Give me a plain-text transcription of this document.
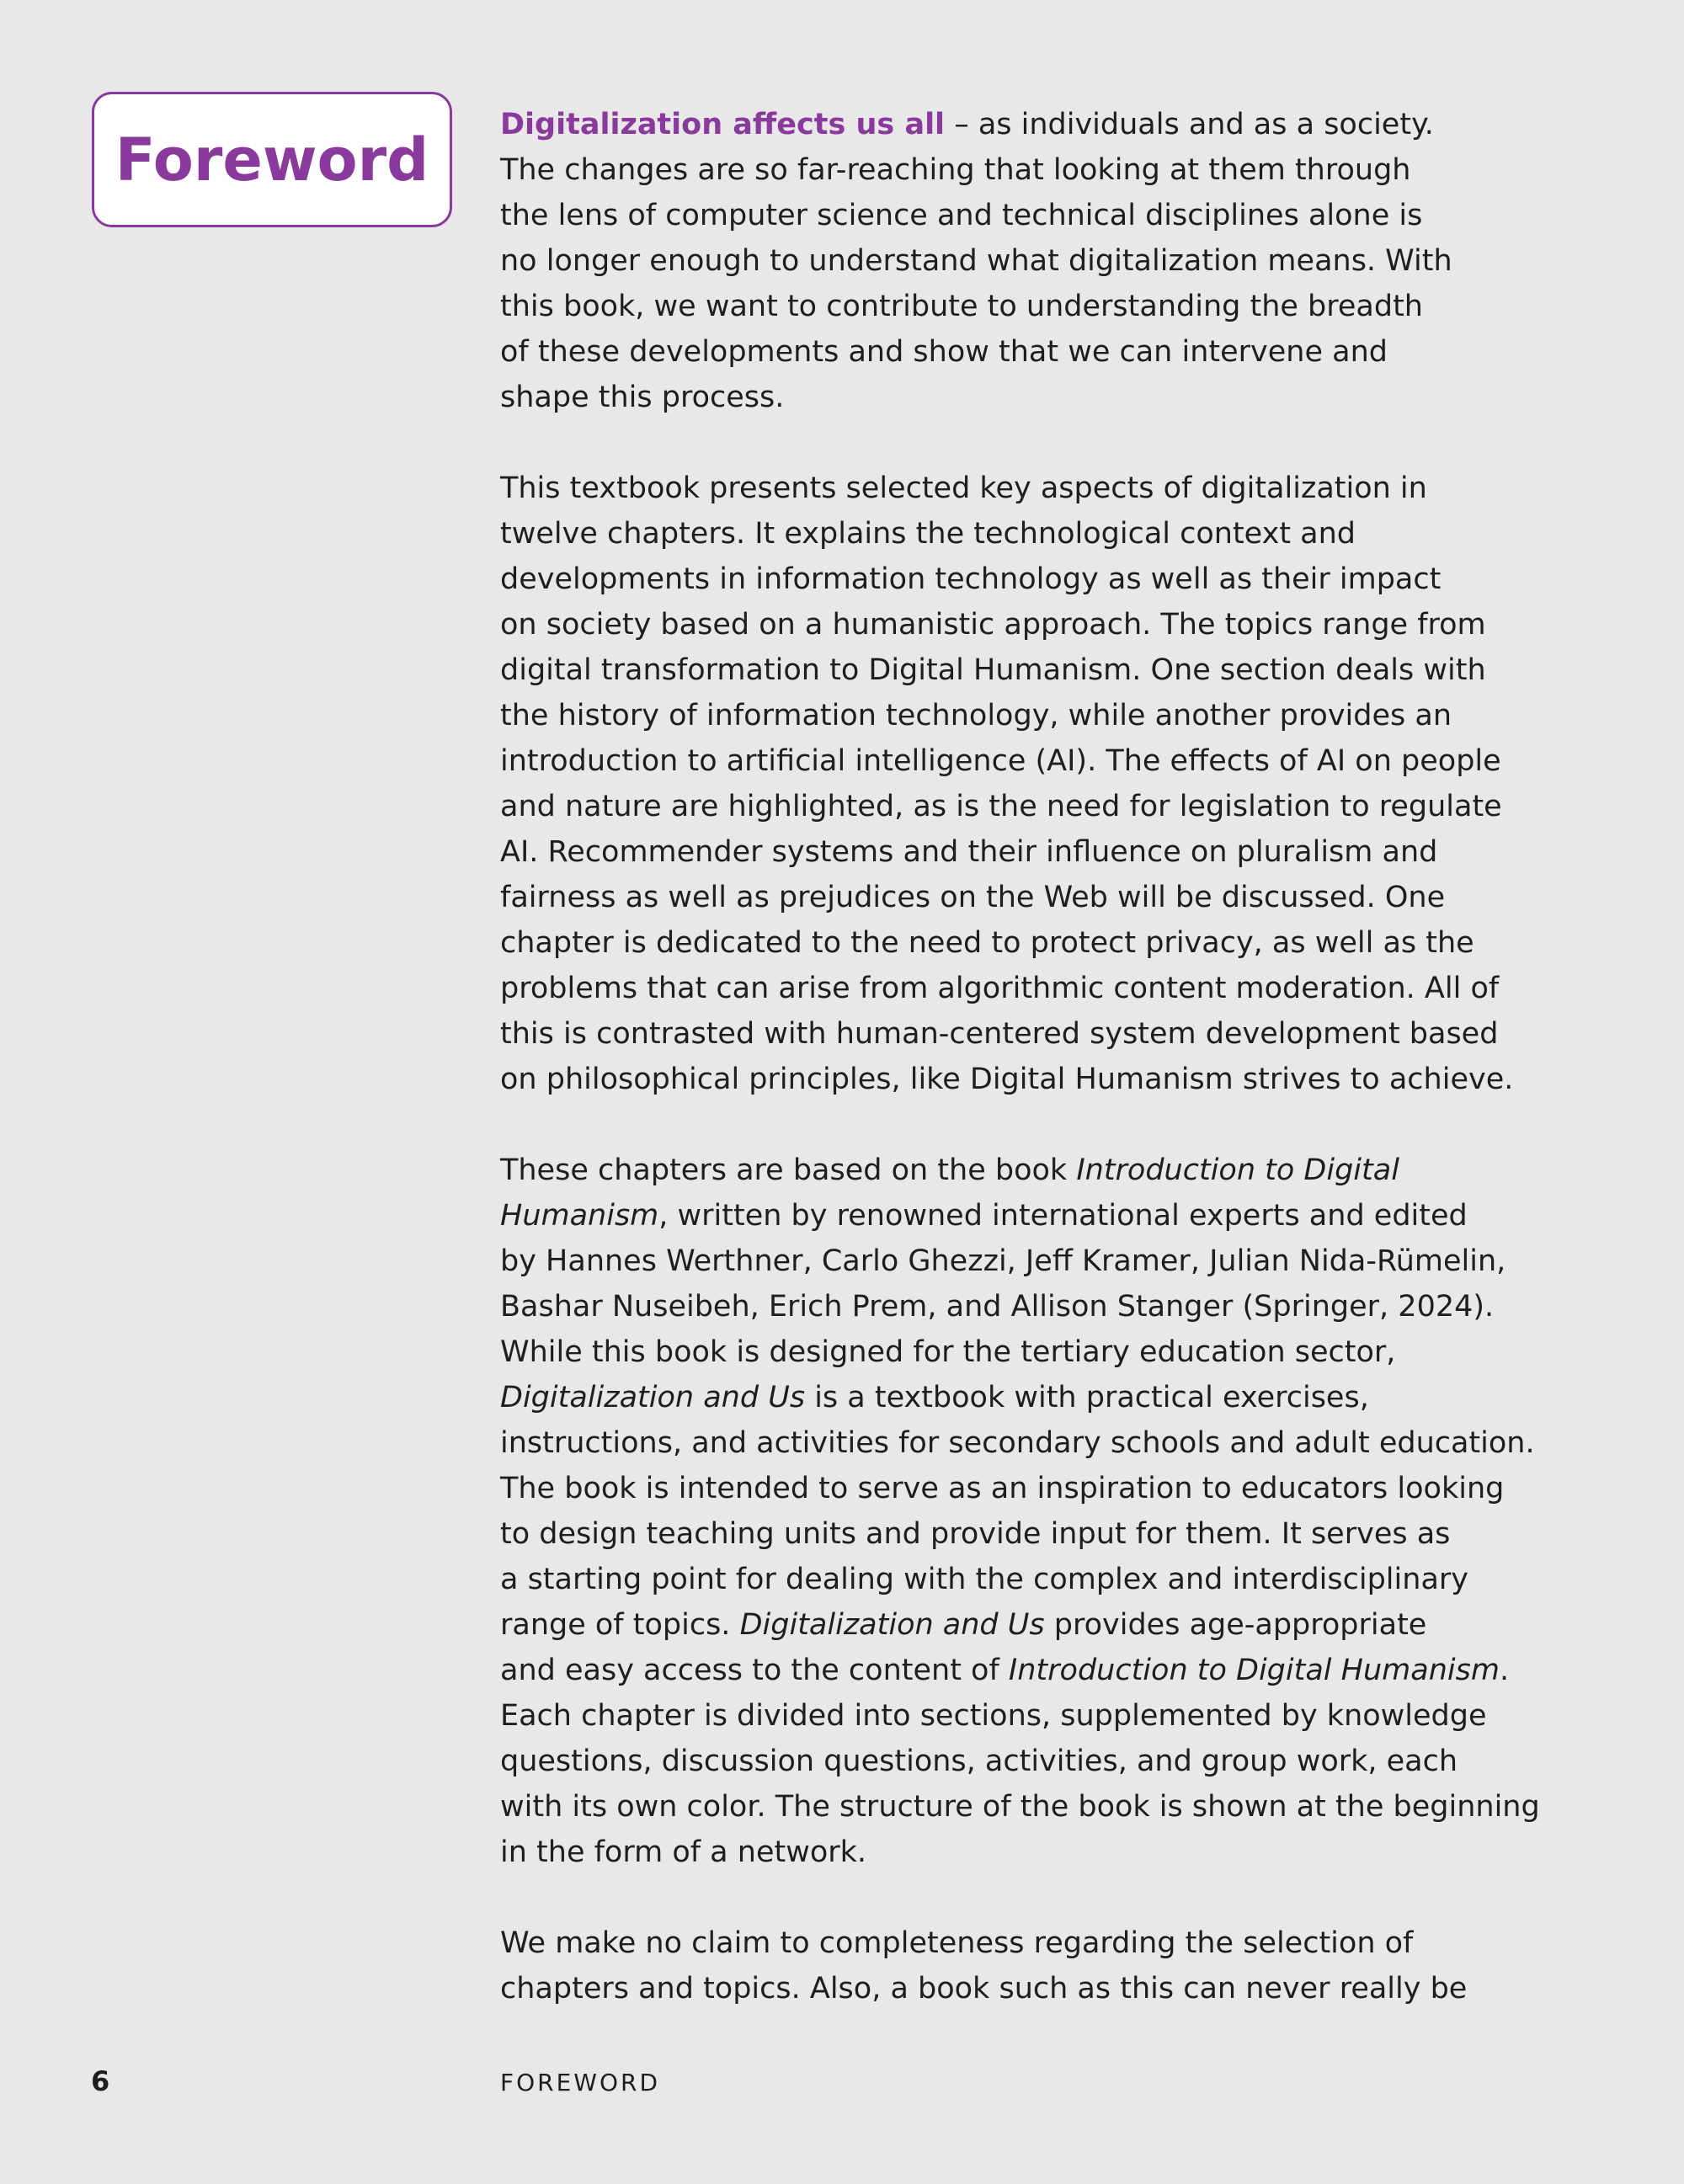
Foreword

Digitalization affects us all – as individuals and as a society.
The changes are so far-reaching that looking at them through
the lens of computer science and technical disciplines alone is
no longer enough to understand what digitalization means. With
this book, we want to contribute to understanding the breadth
of these developments and show that we can intervene and
shape this process.

This textbook presents selected key aspects of digitalization in
twelve chapters. It explains the technological context and
developments in information technology as well as their impact
on society based on a humanistic approach. The topics range from
digital transformation to Digital Humanism. One section deals with
the history of information technology, while another provides an
introduction to artificial intelligence (AI). The effects of AI on people
and nature are highlighted, as is the need for legislation to regulate
AI. Recommender systems and their influence on pluralism and
fairness as well as prejudices on the Web will be discussed. One
chapter is dedicated to the need to protect privacy, as well as the
problems that can arise from algorithmic content moderation. All of
this is contrasted with human-centered system development based
on philosophical principles, like Digital Humanism strives to achieve.

These chapters are based on the book Introduction to Digital
Humanism, written by renowned international experts and edited
by Hannes Werthner, Carlo Ghezzi, Jeff Kramer, Julian Nida-Rümelin,
Bashar Nuseibeh, Erich Prem, and Allison Stanger (Springer, 2024).
While this book is designed for the tertiary education sector,
Digitalization and Us is a textbook with practical exercises,
instructions, and activities for secondary schools and adult education.
The book is intended to serve as an inspiration to educators looking
to design teaching units and provide input for them. It serves as
a starting point for dealing with the complex and interdisciplinary
range of topics. Digitalization and Us provides age-appropriate
and easy access to the content of Introduction to Digital Humanism.
Each chapter is divided into sections, supplemented by knowledge
questions, discussion questions, activities, and group work, each
with its own color. The structure of the book is shown at the beginning
in the form of a network.

We make no claim to completeness regarding the selection of
chapters and topics. Also, a book such as this can never really be

6	FOREWORD
